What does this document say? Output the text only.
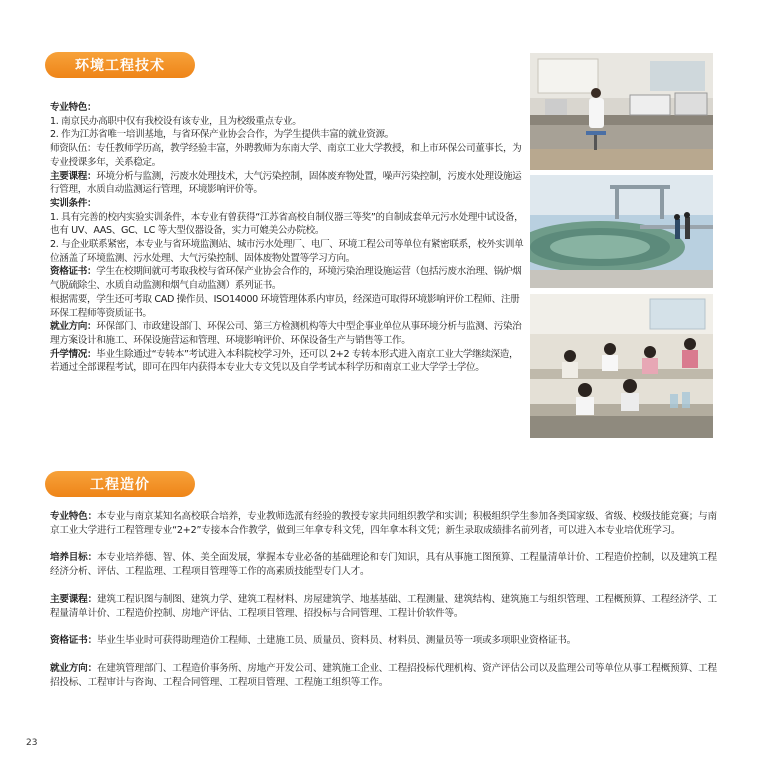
环境工程技术

专业特色：

1. 南京民办高职中仅有我校设有该专业，且为校级重点专业。

2. 作为江苏省唯一培训基地，与省环保产业协会合作，为学生提供丰富的就业资源。

师资队伍：专任教师学历高，教学经验丰富，外聘教师为东南大学、南京工业大学教授，和上市环保公司董事长，为专业授课多年，关系稳定。

主要课程：环境分析与监测，污废水处理技术，大气污染控制，固体废弃物处置，噪声污染控制，污废水处理设施运行管理，水质自动监测运行管理，环境影响评价等。

实训条件：

1. 具有完善的校内实验实训条件，本专业有曾获得“江苏省高校自制仪器三等奖”的自制成套单元污水处理中试设备，也有 UV、AAS、GC、LC 等大型仪器设备，实力可媲美公办院校。

2. 与企业联系紧密，本专业与省环境监测站、城市污水处理厂、电厂、环境工程公司等单位有紧密联系，校外实训单位涵盖了环境监测、污水处理、大气污染控制、固体废物处置等学习方向。

资格证书：学生在校期间就可考取我校与省环保产业协会合作的，环境污染治理设施运营（包括污废水治理、锅炉烟气脱硫除尘、水质自动监测和烟气自动监测）系列证书。

根据需要，学生还可考取 CAD 操作员、ISO14000 环境管理体系内审员，经深造可取得环境影响评价工程师、注册环保工程师等资质证书。

就业方向：环保部门、市政建设部门、环保公司、第三方检测机构等大中型企事业单位从事环境分析与监测、污染治理方案设计和施工、环保设施营运和管理、环境影响评价、环保设备生产与销售等工作。

升学情况：毕业生除通过“专转本”考试进入本科院校学习外，还可以 2+2 专转本形式进入南京工业大学继续深造，若通过全部课程考试，即可在四年内获得本专业大专文凭以及自学考试本科学历和南京工业大学学士学位。

工程造价

专业特色：本专业与南京某知名高校联合培养，专业教师选派有经验的教授专家共同组织教学和实训；积极组织学生参加各类国家级、省级、校级技能竞赛；与南京工业大学进行工程管理专业“2+2”专接本合作教学，做到三年拿专科文凭，四年拿本科文凭；新生录取成绩排名前列者，可以进入本专业培优班学习。

培养目标：本专业培养德、智、体、美全面发展，掌握本专业必备的基础理论和专门知识，具有从事施工图预算、工程量清单计价、工程造价控制，以及建筑工程经济分析、评估、工程监理、工程项目管理等工作的高素质技能型专门人才。

主要课程：建筑工程识图与制图、建筑力学、建筑工程材料、房屋建筑学、地基基础、工程测量、建筑结构、建筑施工与组织管理、工程概预算、工程经济学、工程量清单计价、工程造价控制、房地产评估、工程项目管理、招投标与合同管理、工程计价软件等。

资格证书：毕业生毕业时可获得助理造价工程师、土建施工员、质量员、资料员、材料员、测量员等一项或多项职业资格证书。

就业方向：在建筑管理部门、工程造价事务所、房地产开发公司、建筑施工企业、工程招投标代理机构、资产评估公司以及监理公司等单位从事工程概预算、工程招投标、工程审计与咨询、工程合同管理、工程项目管理、工程施工组织等工作。

23
